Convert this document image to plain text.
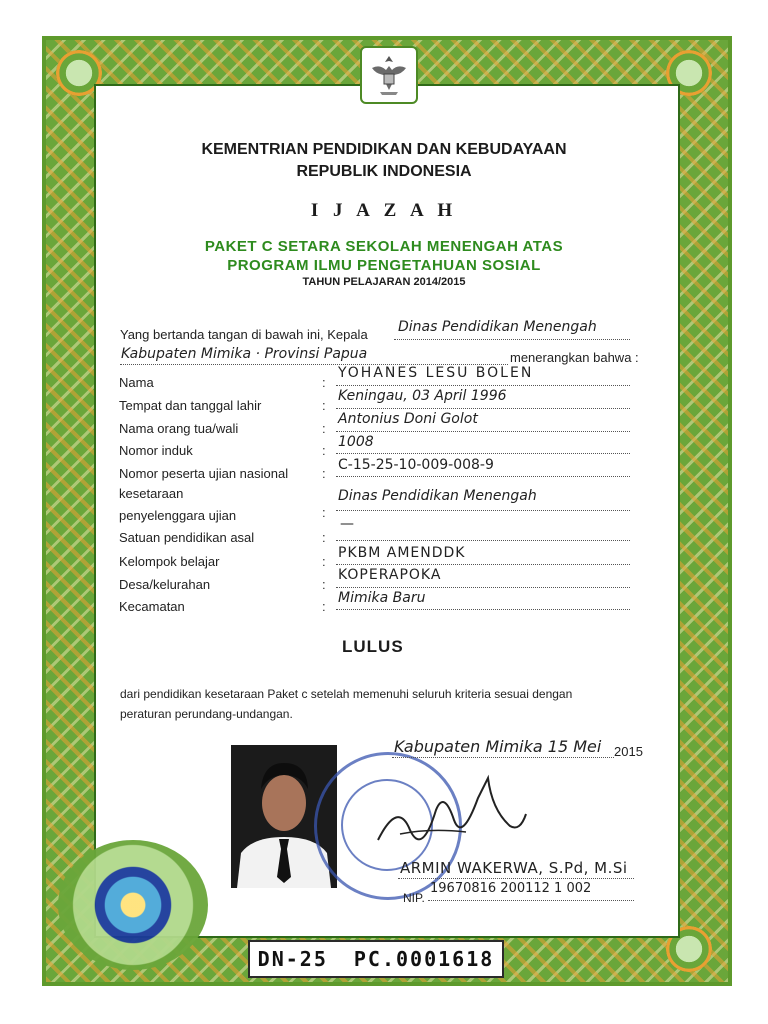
KEMENTRIAN PENDIDIKAN DAN KEBUDAYAAN
REPUBLIK INDONESIA
I J A Z A H
PAKET C SETARA SEKOLAH MENENGAH ATAS
PROGRAM ILMU PENGETAHUAN SOSIAL
TAHUN PELAJARAN 2014/2015
Yang bertanda tangan di bawah ini, Kepala Dinas Pendidikan Menengah
Kabupaten Mimika · Provinsi Papua	menerangkan bahwa :
Nama	:
YOHANES LESU BOLEN
Tempat dan tanggal lahir	:
Keningau, 03 April 1996
Nama orang tua/wali	:
Antonius Doni Golot
Nomor induk	:
1008
Nomor peserta ujian nasional	:
C-15-25-10-009-008-9
kesetaraan
penyelenggara ujian	:
Dinas Pendidikan Menengah
Satuan pendidikan asal	:
—
Kelompok belajar	:
PKBM AMENDDK
Desa/kelurahan	:
KOPERAPOKA
Kecamatan	:
Mimika Baru
LULUS
dari pendidikan kesetaraan Paket c setelah memenuhi seluruh kriteria sesuai dengan
peraturan perundang-undangan.
Kabupaten Mimika 15 Mei 2015
ARMIN WAKERWA, S.Pd, M.Si
NIP.
19670816 200112 1 002
DN-25 PC.0001618
